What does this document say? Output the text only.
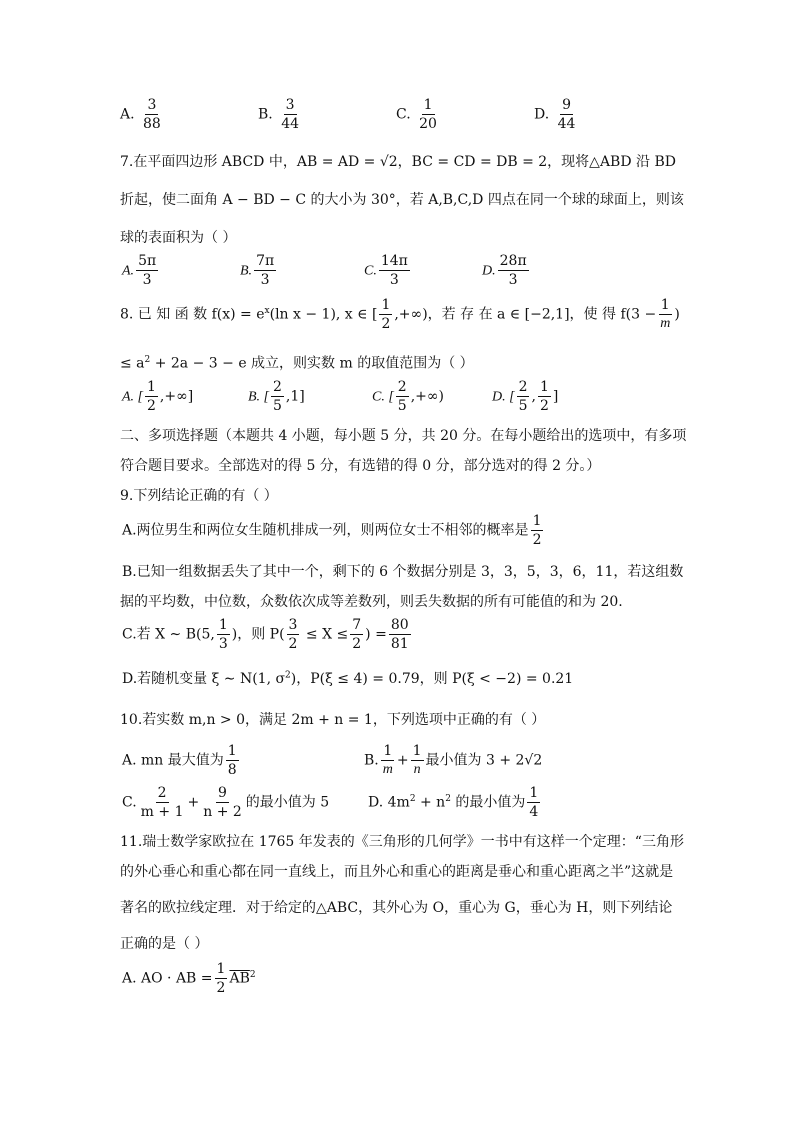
A. $\frac{3}{88}$	B. $\frac{3}{44}$	C. $\frac{1}{20}$	D. $\frac{9}{44}$
7.在平面四边形 ABCD 中，AB = AD = √2，BC = CD = DB = 2，现将△ABD 沿 BD
折起，使二面角 A − BD − C 的大小为 30°，若 A,B,C,D 四点在同一个球的球面上，则该
球的表面积为（ ）
A. $\frac{5\pi}{3}$	B. $\frac{7\pi}{3}$	C. $\frac{14\pi}{3}$	D. $\frac{28\pi}{3}$
8. 已 知 函 数 $f(x) = e^x(\ln$ x − 1), x ∈ [ $\frac{1}{2}$ ,+∞)，若 存 在 a ∈ [−2,1]，使 得 $f(3 - \frac{1}{m}$ )
≤ $a^2 + 2a - 3 - e$ 成立，则实数 m 的取值范围为（ ）
A. [ $\frac{1}{2}$ ,+∞]	B. [ $\frac{2}{5} ,1$]	C. [ $\frac{2}{5}$ ,+∞)	D. [ $\frac{2}{5}$ , $\frac{1}{2}$ ]
二、多项选择题（本题共 4 小题，每小题 5 分，共 20 分。在每小题给出的选项中，有多项
符合题目要求。全部选对的得 5 分，有选错的得 0 分，部分选对的得 2 分。）
9.下列结论正确的有（ ）
A.两位男生和两位女生随机排成一列，则两位女士不相邻的概率是 $\frac{1}{2}$
B.已知一组数据丢失了其中一个，剩下的 6 个数据分别是 3，3，5，3，6，11，若这组数
据的平均数，中位数，众数依次成等差数列，则丢失数据的所有可能值的和为 20.
C.若 X ∼ B(5, $\frac{1}{3}$ )，则 $P( \frac{3}{2} \le X \le \frac{7}{2}$ ) = $\frac{80}{81}$
D.若随机变量 ξ ∼ N(1, $\sigma^2$)，P(ξ ≤ 4) = 0.79，则 P(ξ < −2) = 0.21
10.若实数 m,n > 0，满足 2m + n = 1，下列选项中正确的有（ ）
A. mn 最大值为 $\frac{1}{8}$	B. $\frac{1}{m} + \frac{1}{n}$ 最小值为 3 + 2√2
C. $\frac{2}{m + 1} + \frac{9}{n + 2}$ 的最小值为 5	D. $4m^2 + n^2$ 的最小值为 $\frac{1}{4}$
11.瑞士数学家欧拉在 1765 年发表的《三角形的几何学》一书中有这样一个定理：“三角形
的外心垂心和重心都在同一直线上，而且外心和重心的距离是垂心和重心距离之半”这就是
著名的欧拉线定理．对于给定的△ABC，其外心为 O，重心为 G，垂心为 H，则下列结论
正确的是（ ）
A. AO · AB = $\frac{1}{2} \overline{AB}^2$
